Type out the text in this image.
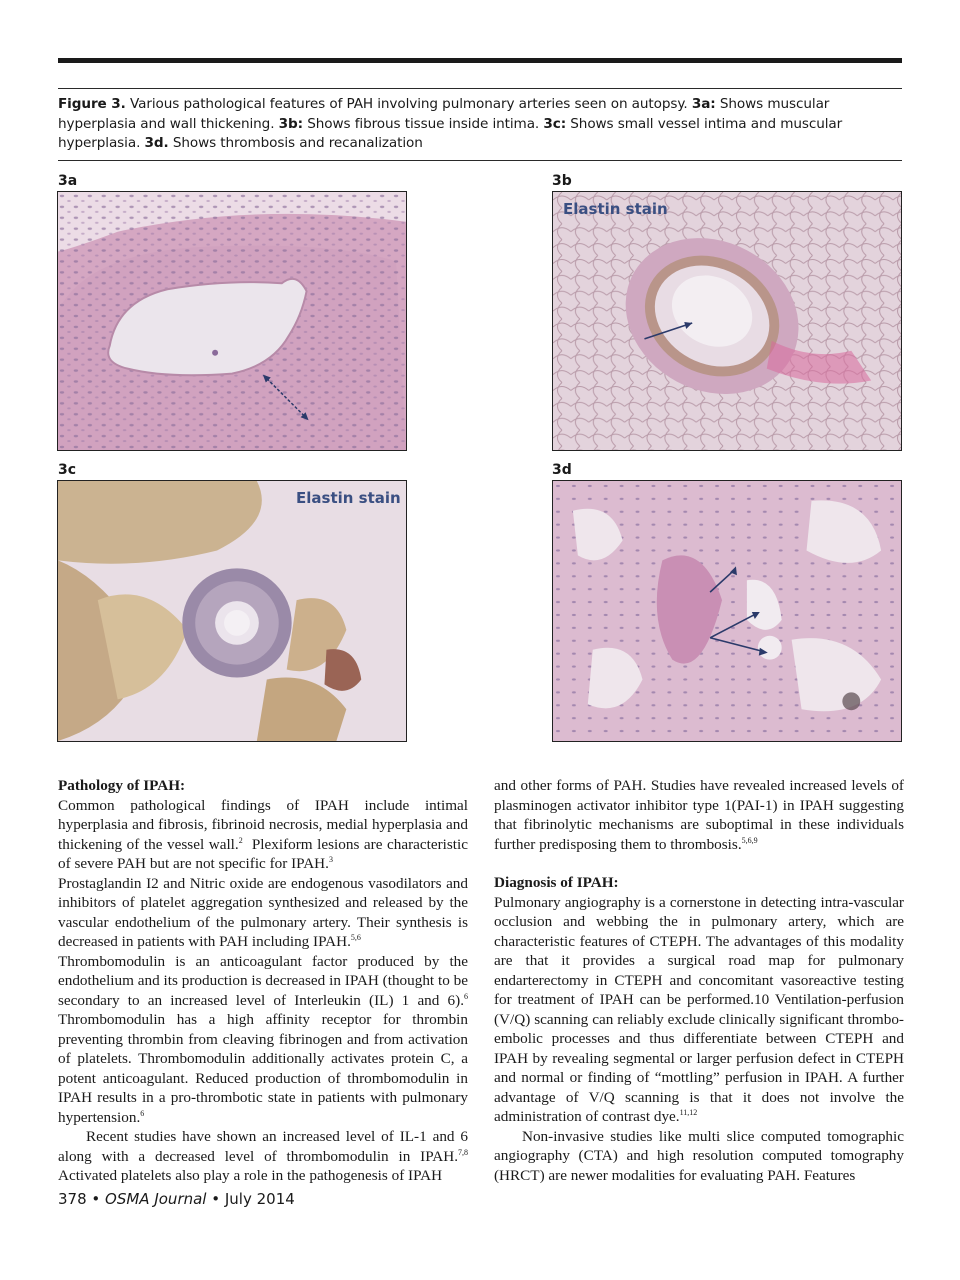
Figure 3. Various pathological features of PAH involving pulmonary arteries seen on autopsy. 3a: Shows muscular hyperplasia and wall thickening. 3b: Shows fibrous tissue inside intima. 3c: Shows small vessel intima and muscular hyperplasia. 3d. Shows thrombosis and recanalization
3a	3b
Elastin stain
3c
Elastin stain
3d
Pathology of IPAH:
Common pathological findings of IPAH include intimal hyperplasia and fibrosis, fibrinoid necrosis, medial hyperplasia and thickening of the vessel wall.$^2$ Plexiform lesions are characteristic of severe PAH but are not specific for IPAH.$^3$
Prostaglandin I2 and Nitric oxide are endogenous vasodilators and inhibitors of platelet aggregation synthesized and released by the vascular endothelium of the pulmonary artery. Their synthesis is decreased in patients with PAH including IPAH.$^{5,6}$
Thrombomodulin is an anticoagulant factor produced by the endothelium and its production is decreased in IPAH (thought to be secondary to an increased level of Interleukin (IL) 1 and 6).$^6$ Thrombomodulin has a high affinity receptor for thrombin preventing thrombin from cleaving fibrinogen and from activation of platelets. Thrombomodulin additionally activates protein C, a potent anticoagulant. Reduced production of thrombomodulin in IPAH results in a pro-thrombotic state in patients with pulmonary hypertension.$^6$
Recent studies have shown an increased level of IL-1 and 6 along with a decreased level of thrombomodulin in IPAH.$^{7,8}$ Activated platelets also play a role in the pathogenesis of IPAH
and other forms of PAH. Studies have revealed increased levels of plasminogen activator inhibitor type 1(PAI-1) in IPAH suggesting that fibrinolytic mechanisms are suboptimal in these individuals further predisposing them to thrombosis.$^{5,6,9}$
Diagnosis of IPAH:
Pulmonary angiography is a cornerstone in detecting intra-vascular occlusion and webbing the in pulmonary artery, which are characteristic features of CTEPH. The advantages of this modality are that it provides a surgical road map for pulmonary endarterectomy in CTEPH and concomitant vasoreactive testing for treatment of IPAH can be performed.10 Ventilation-perfusion (V/Q) scanning can reliably exclude clinically significant thrombo-embolic processes and thus differentiate between CTEPH and IPAH by revealing segmental or larger perfusion defect in CTEPH and normal or finding of “mottling” perfusion in IPAH. A further advantage of V/Q scanning is that it does not involve the administration of contrast dye.$^{11,12}$
Non-invasive studies like multi slice computed tomographic angiography (CTA) and high resolution computed tomography (HRCT) are newer modalities for evaluating PAH. Features
378 • OSMA Journal • July 2014
